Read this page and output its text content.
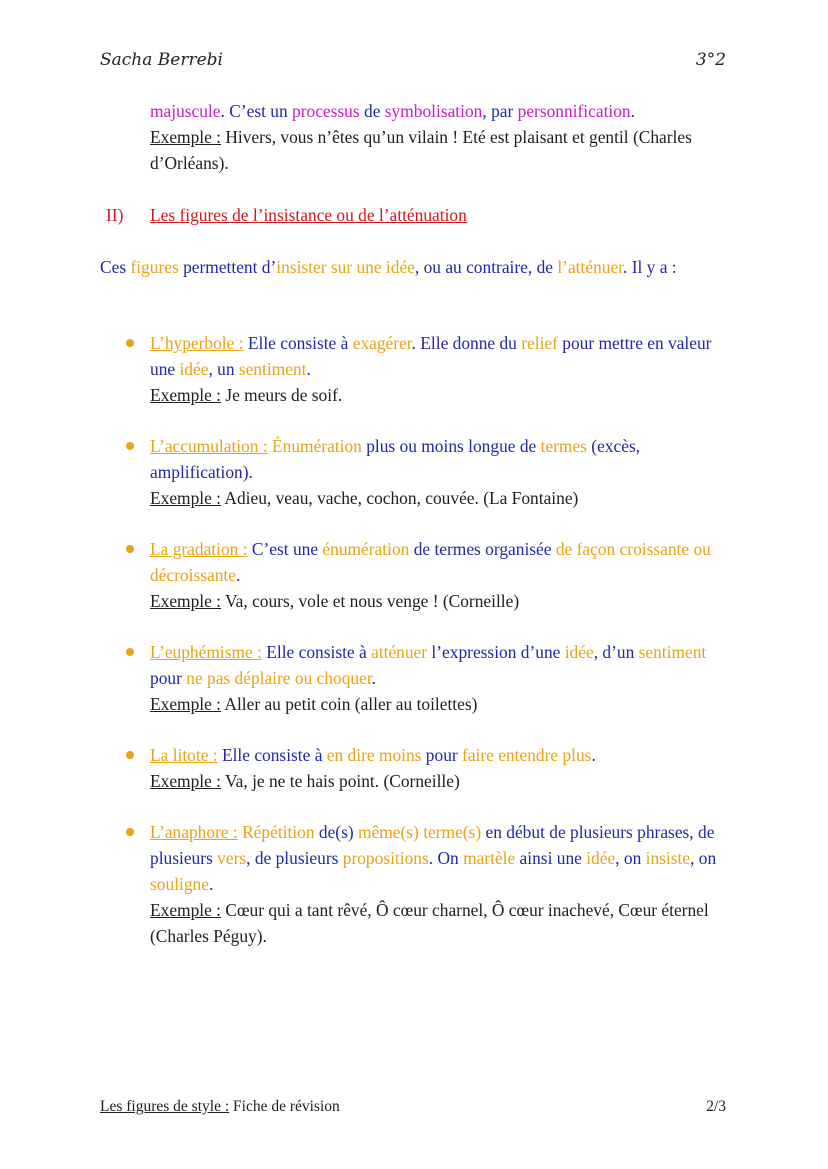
Sacha Berrebi	3°2
majuscule. C’est un processus de symbolisation, par personnification.
Exemple : Hivers, vous n’êtes qu’un vilain ! Eté est plaisant et gentil (Charles d’Orléans).
II) Les figures de l’insistance ou de l’atténuation
Ces figures permettent d’insister sur une idée, ou au contraire, de l’atténuer. Il y a :
L’hyperbole : Elle consiste à exagérer. Elle donne du relief pour mettre en valeur une idée, un sentiment.
Exemple : Je meurs de soif.
L’accumulation : Énumération plus ou moins longue de termes (excès, amplification).
Exemple : Adieu, veau, vache, cochon, couvée. (La Fontaine)
La gradation : C’est une énumération de termes organisée de façon croissante ou décroissante.
Exemple : Va, cours, vole et nous venge ! (Corneille)
L’euphémisme : Elle consiste à atténuer l’expression d’une idée, d’un sentiment pour ne pas déplaire ou choquer.
Exemple : Aller au petit coin (aller au toilettes)
La litote : Elle consiste à en dire moins pour faire entendre plus.
Exemple : Va, je ne te hais point. (Corneille)
L’anaphore : Répétition de(s) même(s) terme(s) en début de plusieurs phrases, de plusieurs vers, de plusieurs propositions. On martèle ainsi une idée, on insiste, on souligne.
Exemple : Cœur qui a tant rêvé, Ô cœur charnel, Ô cœur inachevé, Cœur éternel (Charles Péguy).
Les figures de style : Fiche de révision	2/3
